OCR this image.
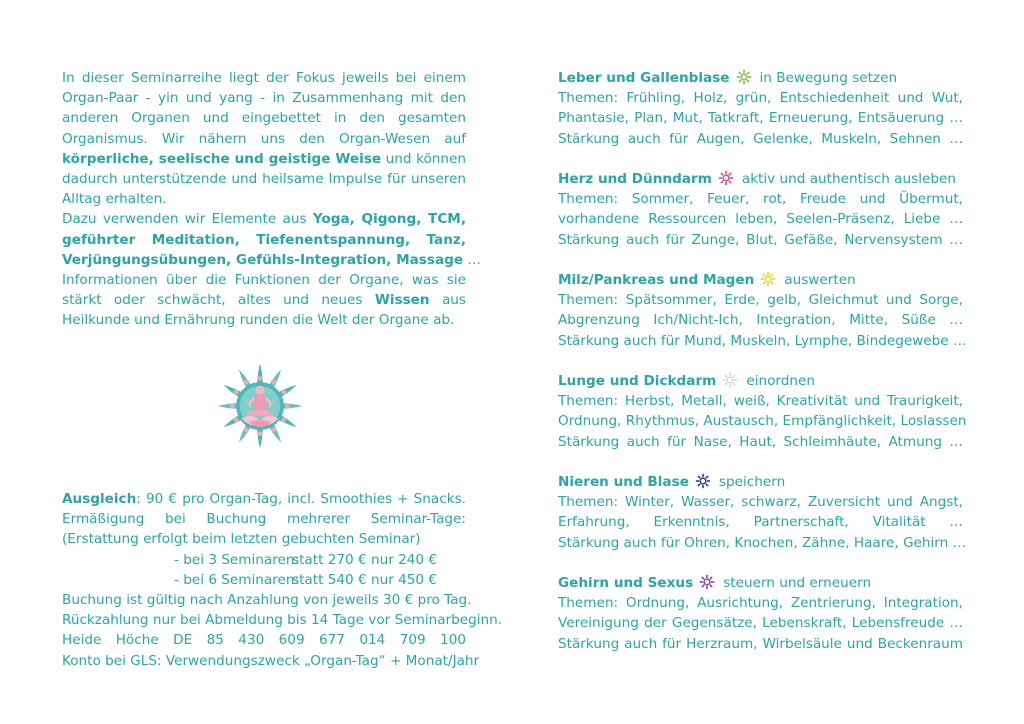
In dieser Seminarreihe liegt der Fokus jeweils bei einem
Organ-Paar - yin und yang - in Zusammenhang mit den
anderen Organen und eingebettet in den gesamten
Organismus. Wir nähern uns den Organ-Wesen auf
körperliche, seelische und geistige Weise und können
dadurch unterstützende und heilsame Impulse für unseren
Alltag erhalten.
Dazu verwenden wir Elemente aus Yoga, Qigong, TCM,
geführter Meditation, Tiefenentspannung, Tanz,
Verjüngungsübungen, Gefühls-Integration, Massage …
Informationen über die Funktionen der Organe, was sie
stärkt oder schwächt, altes und neues Wissen aus
Heilkunde und Ernährung runden die Welt der Organe ab.
Ausgleich: 90 € pro Organ-Tag, incl. Smoothies + Snacks.
Ermäßigung bei Buchung mehrerer Seminar-Tage:
(Erstattung erfolgt beim letzten gebuchten Seminar)
- bei 3 Seminaren:statt 270 € nur 240 €
- bei 6 Seminaren:statt 540 € nur 450 €
Buchung ist gültig nach Anzahlung von jeweils 30 € pro Tag.
Rückzahlung nur bei Abmeldung bis 14 Tage vor Seminarbeginn.
Heide Höche DE 85 430 609 677 014 709 100
Konto bei GLS: Verwendungszweck „Organ-Tag“ + Monat/Jahr
Leber und Gallenblase in Bewegung setzen
Themen: Frühling, Holz, grün, Entschiedenheit und Wut,
Phantasie, Plan, Mut, Tatkraft, Erneuerung, Entsäuerung …
Stärkung auch für Augen, Gelenke, Muskeln, Sehnen …
Herz und Dünndarm aktiv und authentisch ausleben
Themen: Sommer, Feuer, rot, Freude und Übermut,
vorhandene Ressourcen leben, Seelen-Präsenz, Liebe …
Stärkung auch für Zunge, Blut, Gefäße, Nervensystem …
Milz/Pankreas und Magen auswerten
Themen: Spätsommer, Erde, gelb, Gleichmut und Sorge,
Abgrenzung Ich/Nicht-Ich, Integration, Mitte, Süße …
Stärkung auch für Mund, Muskeln, Lymphe, Bindegewebe …
Lunge und Dickdarm einordnen
Themen: Herbst, Metall, weiß, Kreativität und Traurigkeit,
Ordnung, Rhythmus, Austausch, Empfänglichkeit, Loslassen
Stärkung auch für Nase, Haut, Schleimhäute, Atmung …
Nieren und Blase speichern
Themen: Winter, Wasser, schwarz, Zuversicht und Angst,
Erfahrung, Erkenntnis, Partnerschaft, Vitalität …
Stärkung auch für Ohren, Knochen, Zähne, Haare, Gehirn …
Gehirn und Sexus steuern und erneuern
Themen: Ordnung, Ausrichtung, Zentrierung, Integration,
Vereinigung der Gegensätze, Lebenskraft, Lebensfreude …
Stärkung auch für Herzraum, Wirbelsäule und Beckenraum
